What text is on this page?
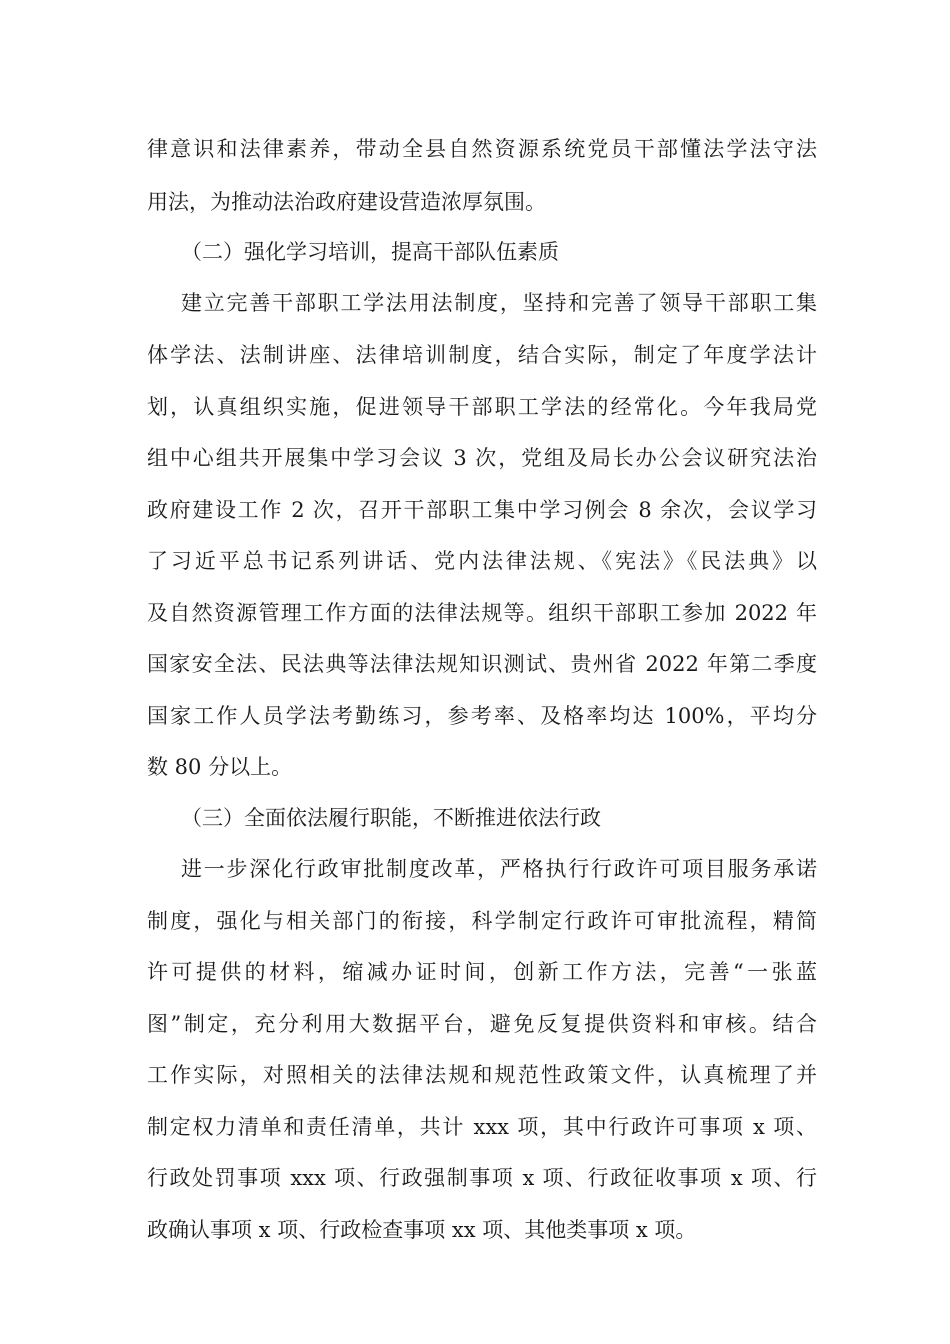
律意识和法律素养，带动全县自然资源系统党员干部懂法学法守法
用法，为推动法治政府建设营造浓厚氛围。
（二）强化学习培训，提高干部队伍素质
建立完善干部职工学法用法制度，坚持和完善了领导干部职工集
体学法、法制讲座、法律培训制度，结合实际，制定了年度学法计
划，认真组织实施，促进领导干部职工学法的经常化。今年我局党
组中心组共开展集中学习会议 3 次，党组及局长办公会议研究法治
政府建设工作 2 次，召开干部职工集中学习例会 8 余次，会议学习
了习近平总书记系列讲话、党内法律法规、《宪法》《民法典》以
及自然资源管理工作方面的法律法规等。组织干部职工参加 2022 年
国家安全法、民法典等法律法规知识测试、贵州省 2022 年第二季度
国家工作人员学法考勤练习，参考率、及格率均达 100%，平均分
数 80 分以上。
（三）全面依法履行职能，不断推进依法行政
进一步深化行政审批制度改革，严格执行行政许可项目服务承诺
制度，强化与相关部门的衔接，科学制定行政许可审批流程，精简
许可提供的材料，缩减办证时间，创新工作方法，完善“一张蓝
图”制定，充分利用大数据平台，避免反复提供资料和审核。结合
工作实际，对照相关的法律法规和规范性政策文件，认真梳理了并
制定权力清单和责任清单，共计 xxx 项，其中行政许可事项 x 项、
行政处罚事项 xxx 项、行政强制事项 x 项、行政征收事项 x 项、行
政确认事项 x 项、行政检查事项 xx 项、其他类事项 x 项。
